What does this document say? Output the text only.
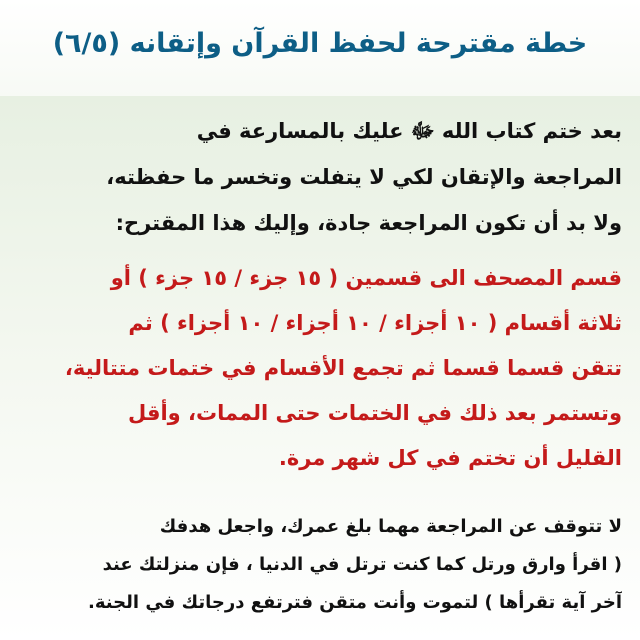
خطة مقترحة لحفظ القرآن وإتقانه (٦/٥)
بعد ختم كتاب الله ﷻ عليك بالمسارعة في
المراجعة والإتقان لكي لا يتفلت وتخسر ما حفظته،
ولا بد أن تكون المراجعة جادة، وإليك هذا المقترح:
قسم المصحف الى قسمين ( ١٥ جزء / ١٥ جزء ) أو
ثلاثة أقسام ( ١٠ أجزاء / ١٠ أجزاء / ١٠ أجزاء ) ثم
تتقن قسما قسما ثم تجمع الأقسام في ختمات متتالية،
وتستمر بعد ذلك في الختمات حتى الممات، وأقل
القليل أن تختم في كل شهر مرة.
لا تتوقف عن المراجعة مهما بلغ عمرك، واجعل هدفك
( اقرأ وارق ورتل كما كنت ترتل في الدنيا ، فإن منزلتك عند
آخر آية تقرأها ) لتموت وأنت متقن فترتفع درجاتك في الجنة.
